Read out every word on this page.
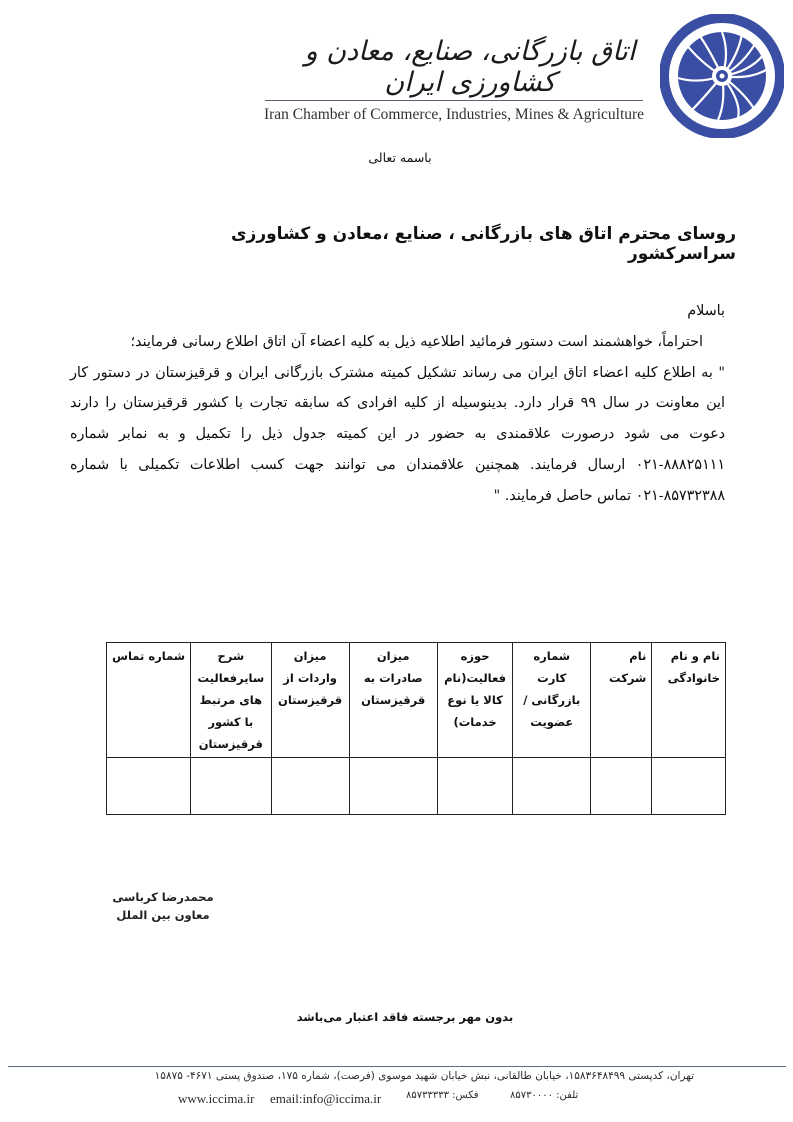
اتاق بازرگانی، صنایع، معادن و کشاورزی ایران
Iran Chamber of Commerce, Industries, Mines & Agriculture
باسمه تعالی
روسای محترم اتاق های بازرگانی ، صنایع ،معادن و کشاورزی سراسرکشور

باسلام

احتراماً، خواهشمند است دستور فرمائید اطلاعیه ذیل به کلیه اعضاء آن اتاق اطلاع رسانی فرمایند؛

" به اطلاع کلیه اعضاء اتاق ایران می رساند تشکیل کمیته مشترک بازرگانی ایران و قرقیزستان در دستور کار این معاونت در سال ۹۹ قرار دارد. بدینوسیله از کلیه افرادی که سابقه تجارت با کشور قرقیزستان را دارند دعوت می شود درصورت علاقمندی به حضور در این کمیته جدول ذیل را تکمیل و به نمابر شماره ۸۸۸۲۵۱۱۱-۰۲۱ ارسال فرمایند. همچنین علاقمندان می توانند جهت کسب اطلاعات تکمیلی با شماره ۸۵۷۳۲۳۸۸-۰۲۱ تماس حاصل فرمایند. "

نام و نام خانوادگی	نام شرکت	شماره کارت بازرگانی / عضویت	حوزه فعالیت(نام کالا یا نوع خدمات)	میزان صادرات به قرقیزستان	میزان واردات از قرقیزستان	شرح سایرفعالیت های مرتبط با کشور قرقیزستان	شماره تماس

محمدرضا کرباسی
معاون بین الملل
بدون مهر برجسته فاقد اعتبار می‌باشد
تهران، کدپستی ۱۵۸۳۶۴۸۴۹۹، خیابان طالقانی، نبش خیابان شهید موسوی (فرصت)، شماره ۱۷۵، صندوق پستی ۴۶۷۱- ۱۵۸۷۵
www.iccima.ir email:info@iccima.ir فکس: ۸۵۷۳۳۳۳۳	تلفن: ۸۵۷۳۰۰۰۰
